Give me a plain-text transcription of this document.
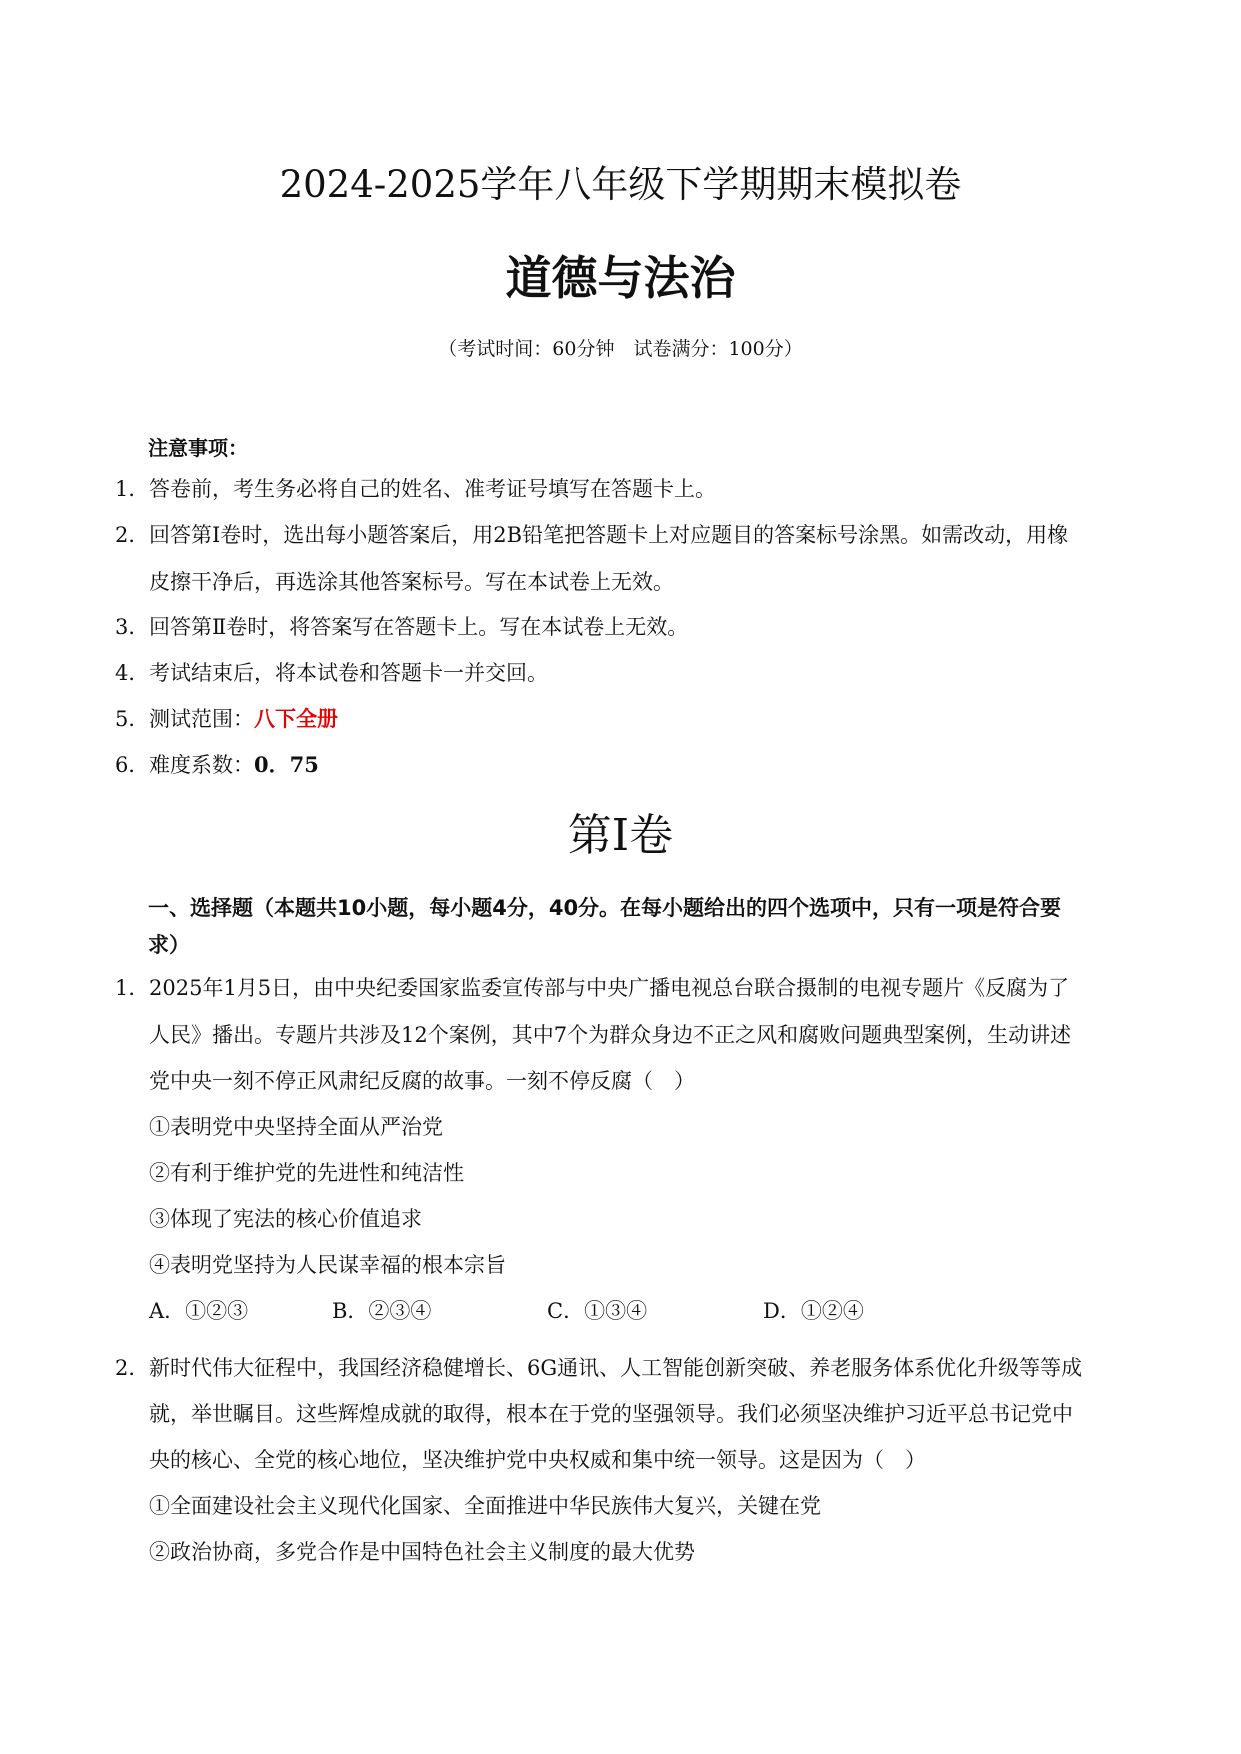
2024-2025学年八年级下学期期末模拟卷
道德与法治
（考试时间：60分钟　试卷满分：100分）
注意事项：
1．答卷前，考生务必将自己的姓名、准考证号填写在答题卡上。
2．回答第Ⅰ卷时，选出每小题答案后，用2B铅笔把答题卡上对应题目的答案标号涂黑。如需改动，用橡
皮擦干净后，再选涂其他答案标号。写在本试卷上无效。
3．回答第Ⅱ卷时，将答案写在答题卡上。写在本试卷上无效。
4．考试结束后，将本试卷和答题卡一并交回。
5．测试范围：八下全册
6．难度系数：0．75
第Ⅰ卷
一、选择题（本题共10小题，每小题4分，40分。在每小题给出的四个选项中，只有一项是符合要
求）
1．2025年1月5日，由中央纪委国家监委宣传部与中央广播电视总台联合摄制的电视专题片《反腐为了
人民》播出。专题片共涉及12个案例，其中7个为群众身边不正之风和腐败问题典型案例，生动讲述
党中央一刻不停正风肃纪反腐的故事。一刻不停反腐（　）
①表明党中央坚持全面从严治党
②有利于维护党的先进性和纯洁性
③体现了宪法的核心价值追求
④表明党坚持为人民谋幸福的根本宗旨
A．①②③	B．②③④	C．①③④	D．①②④
2．新时代伟大征程中，我国经济稳健增长、6G通讯、人工智能创新突破、养老服务体系优化升级等等成
就，举世瞩目。这些辉煌成就的取得，根本在于党的坚强领导。我们必须坚决维护习近平总书记党中
央的核心、全党的核心地位，坚决维护党中央权威和集中统一领导。这是因为（　）
①全面建设社会主义现代化国家、全面推进中华民族伟大复兴，关键在党
②政治协商，多党合作是中国特色社会主义制度的最大优势
